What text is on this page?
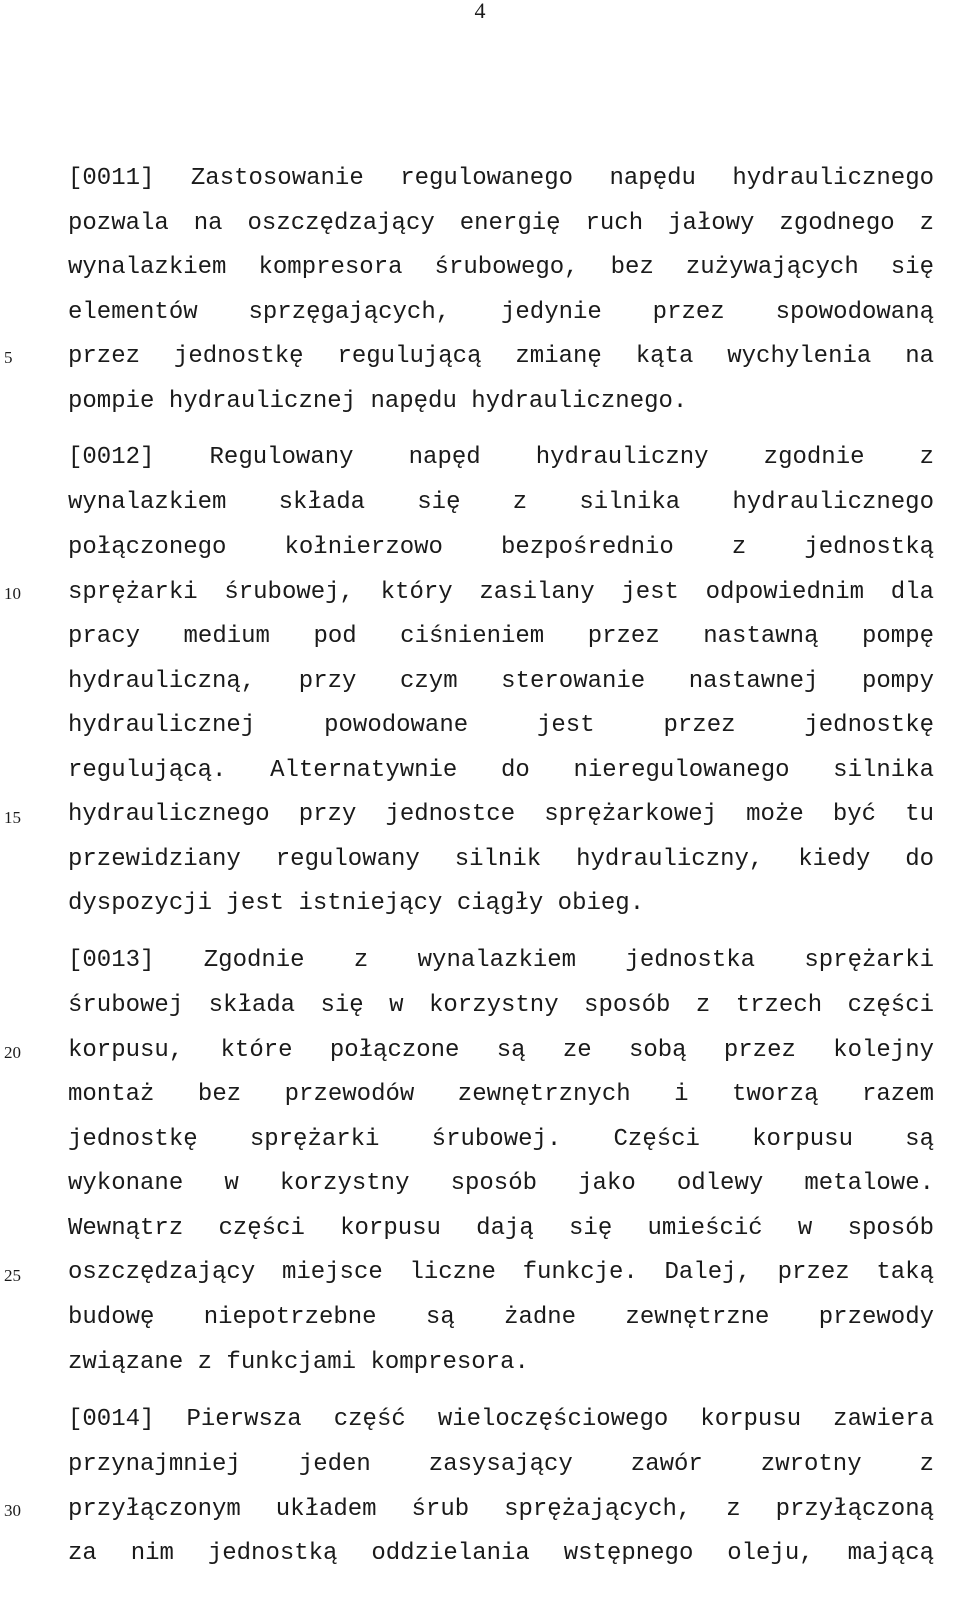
4
5
10
15
20
25
30
[0011] Zastosowanie regulowanego napędu hydraulicznego
pozwala na oszczędzający energię ruch jałowy zgodnego z
wynalazkiem kompresora śrubowego, bez zużywających się
elementów sprzęgających, jedynie przez spowodowaną
przez jednostkę regulującą zmianę kąta wychylenia na
pompie hydraulicznej napędu hydraulicznego.
[0012] Regulowany napęd hydrauliczny zgodnie z
wynalazkiem składa się z silnika hydraulicznego
połączonego kołnierzowo bezpośrednio z jednostką
sprężarki śrubowej, który zasilany jest odpowiednim dla
pracy medium pod ciśnieniem przez nastawną pompę
hydrauliczną, przy czym sterowanie nastawnej pompy
hydraulicznej powodowane jest przez jednostkę
regulującą. Alternatywnie do nieregulowanego silnika
hydraulicznego przy jednostce sprężarkowej może być tu
przewidziany regulowany silnik hydrauliczny, kiedy do
dyspozycji jest istniejący ciągły obieg.
[0013] Zgodnie z wynalazkiem jednostka sprężarki
śrubowej składa się w korzystny sposób z trzech części
korpusu, które połączone są ze sobą przez kolejny
montaż bez przewodów zewnętrznych i tworzą razem
jednostkę sprężarki śrubowej. Części korpusu są
wykonane w korzystny sposób jako odlewy metalowe.
Wewnątrz części korpusu dają się umieścić w sposób
oszczędzający miejsce liczne funkcje. Dalej, przez taką
budowę niepotrzebne są żadne zewnętrzne przewody
związane z funkcjami kompresora.
[0014] Pierwsza część wieloczęściowego korpusu zawiera
przynajmniej jeden zasysający zawór zwrotny z
przyłączonym układem śrub sprężających, z przyłączoną
za nim jednostką oddzielania wstępnego oleju, mającą
